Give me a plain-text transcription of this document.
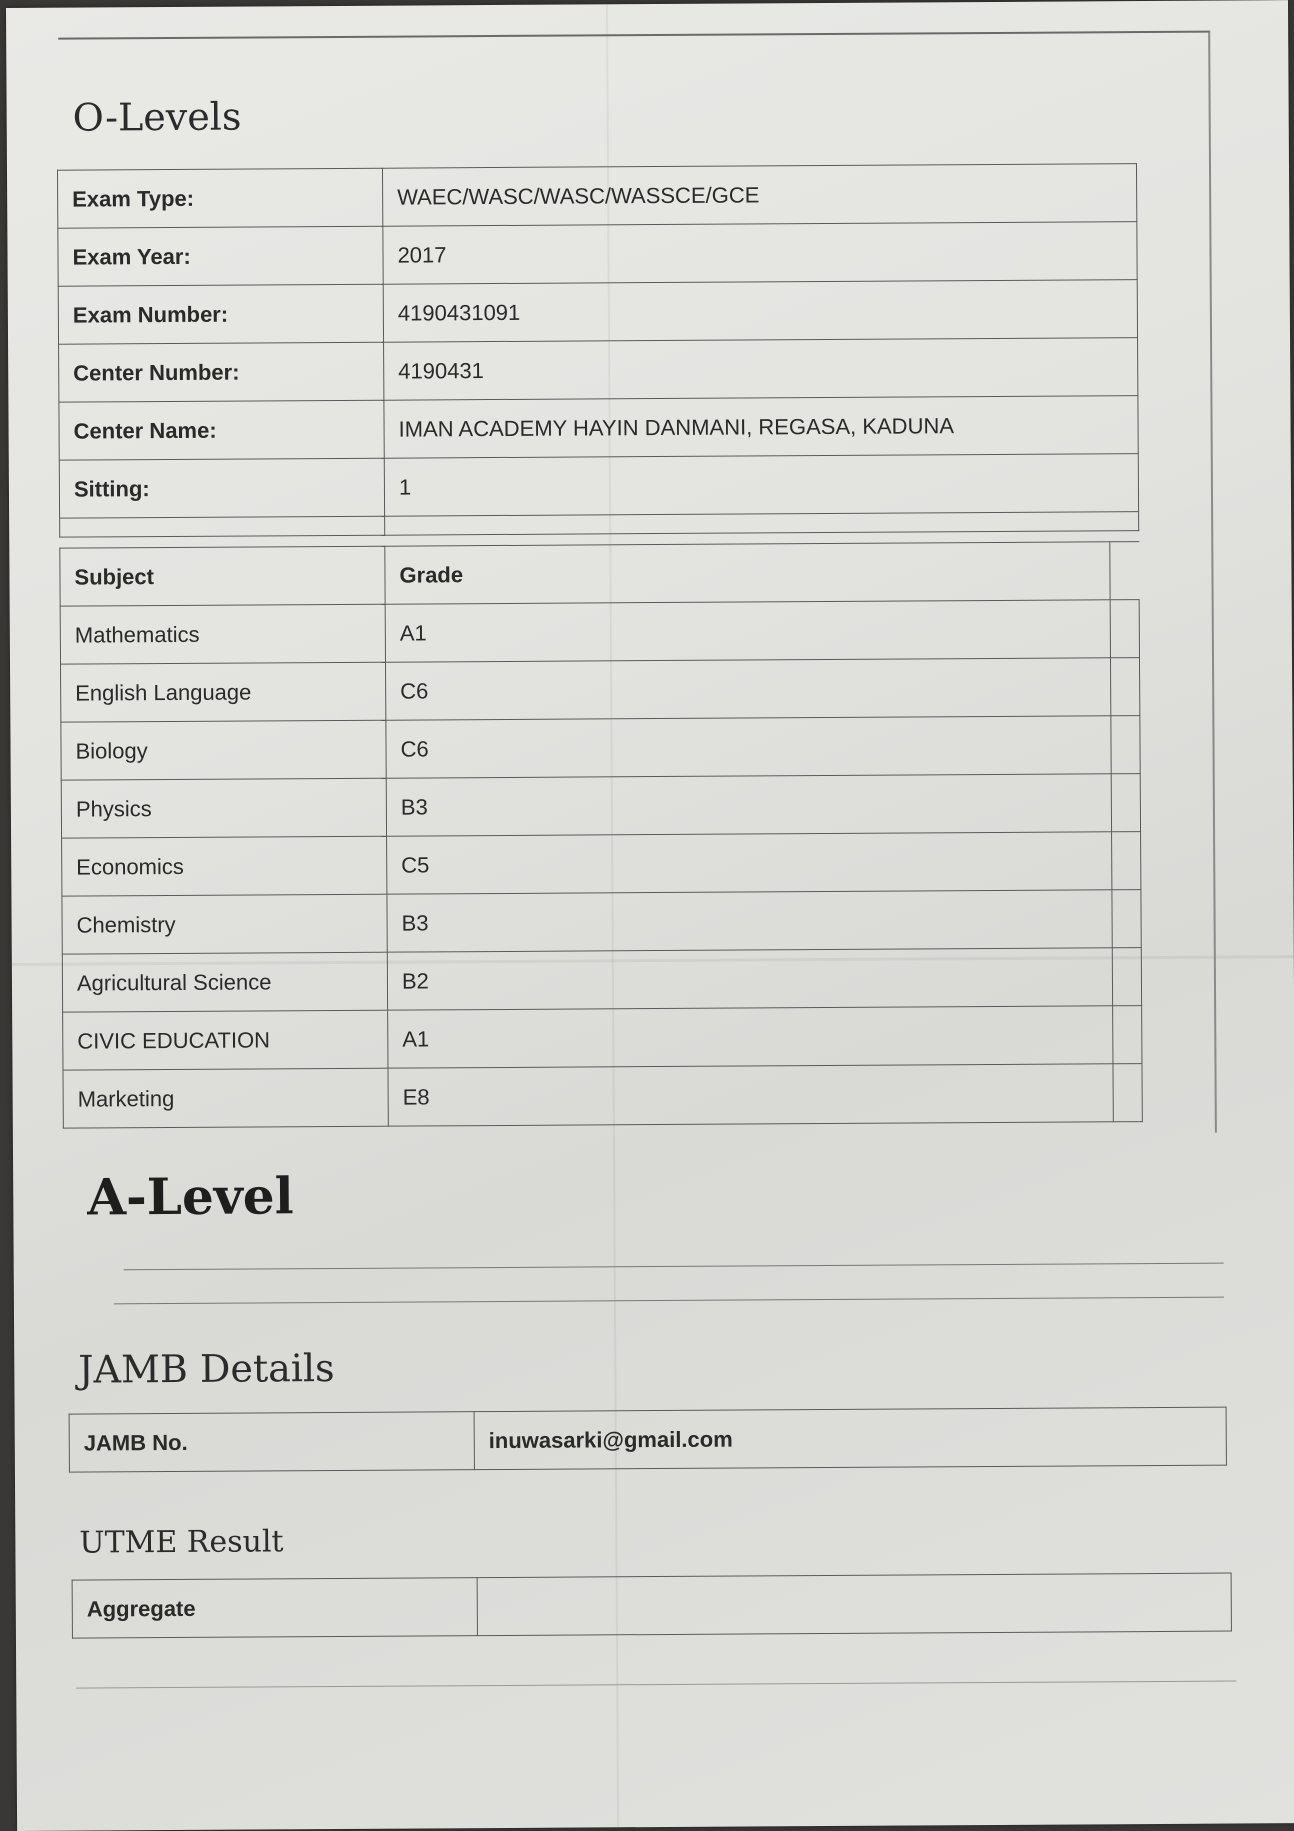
O-Levels
Exam Type:	WAEC/WASC/WASC/WASSCE/GCE
Exam Year:	2017
Exam Number:	4190431091
Center Number:	4190431
Center Name:	IMAN ACADEMY HAYIN DANMANI, REGASA, KADUNA
Sitting:	1

Subject	Grade	
Mathematics	A1	
English Language	C6	
Biology	C6	
Physics	B3	
Economics	C5	
Chemistry	B3	
Agricultural Science	B2	
CIVIC EDUCATION	A1	
Marketing	E8	
A-Level
JAMB Details
JAMB No.	inuwasarki@gmail.com
UTME Result
Aggregate	
